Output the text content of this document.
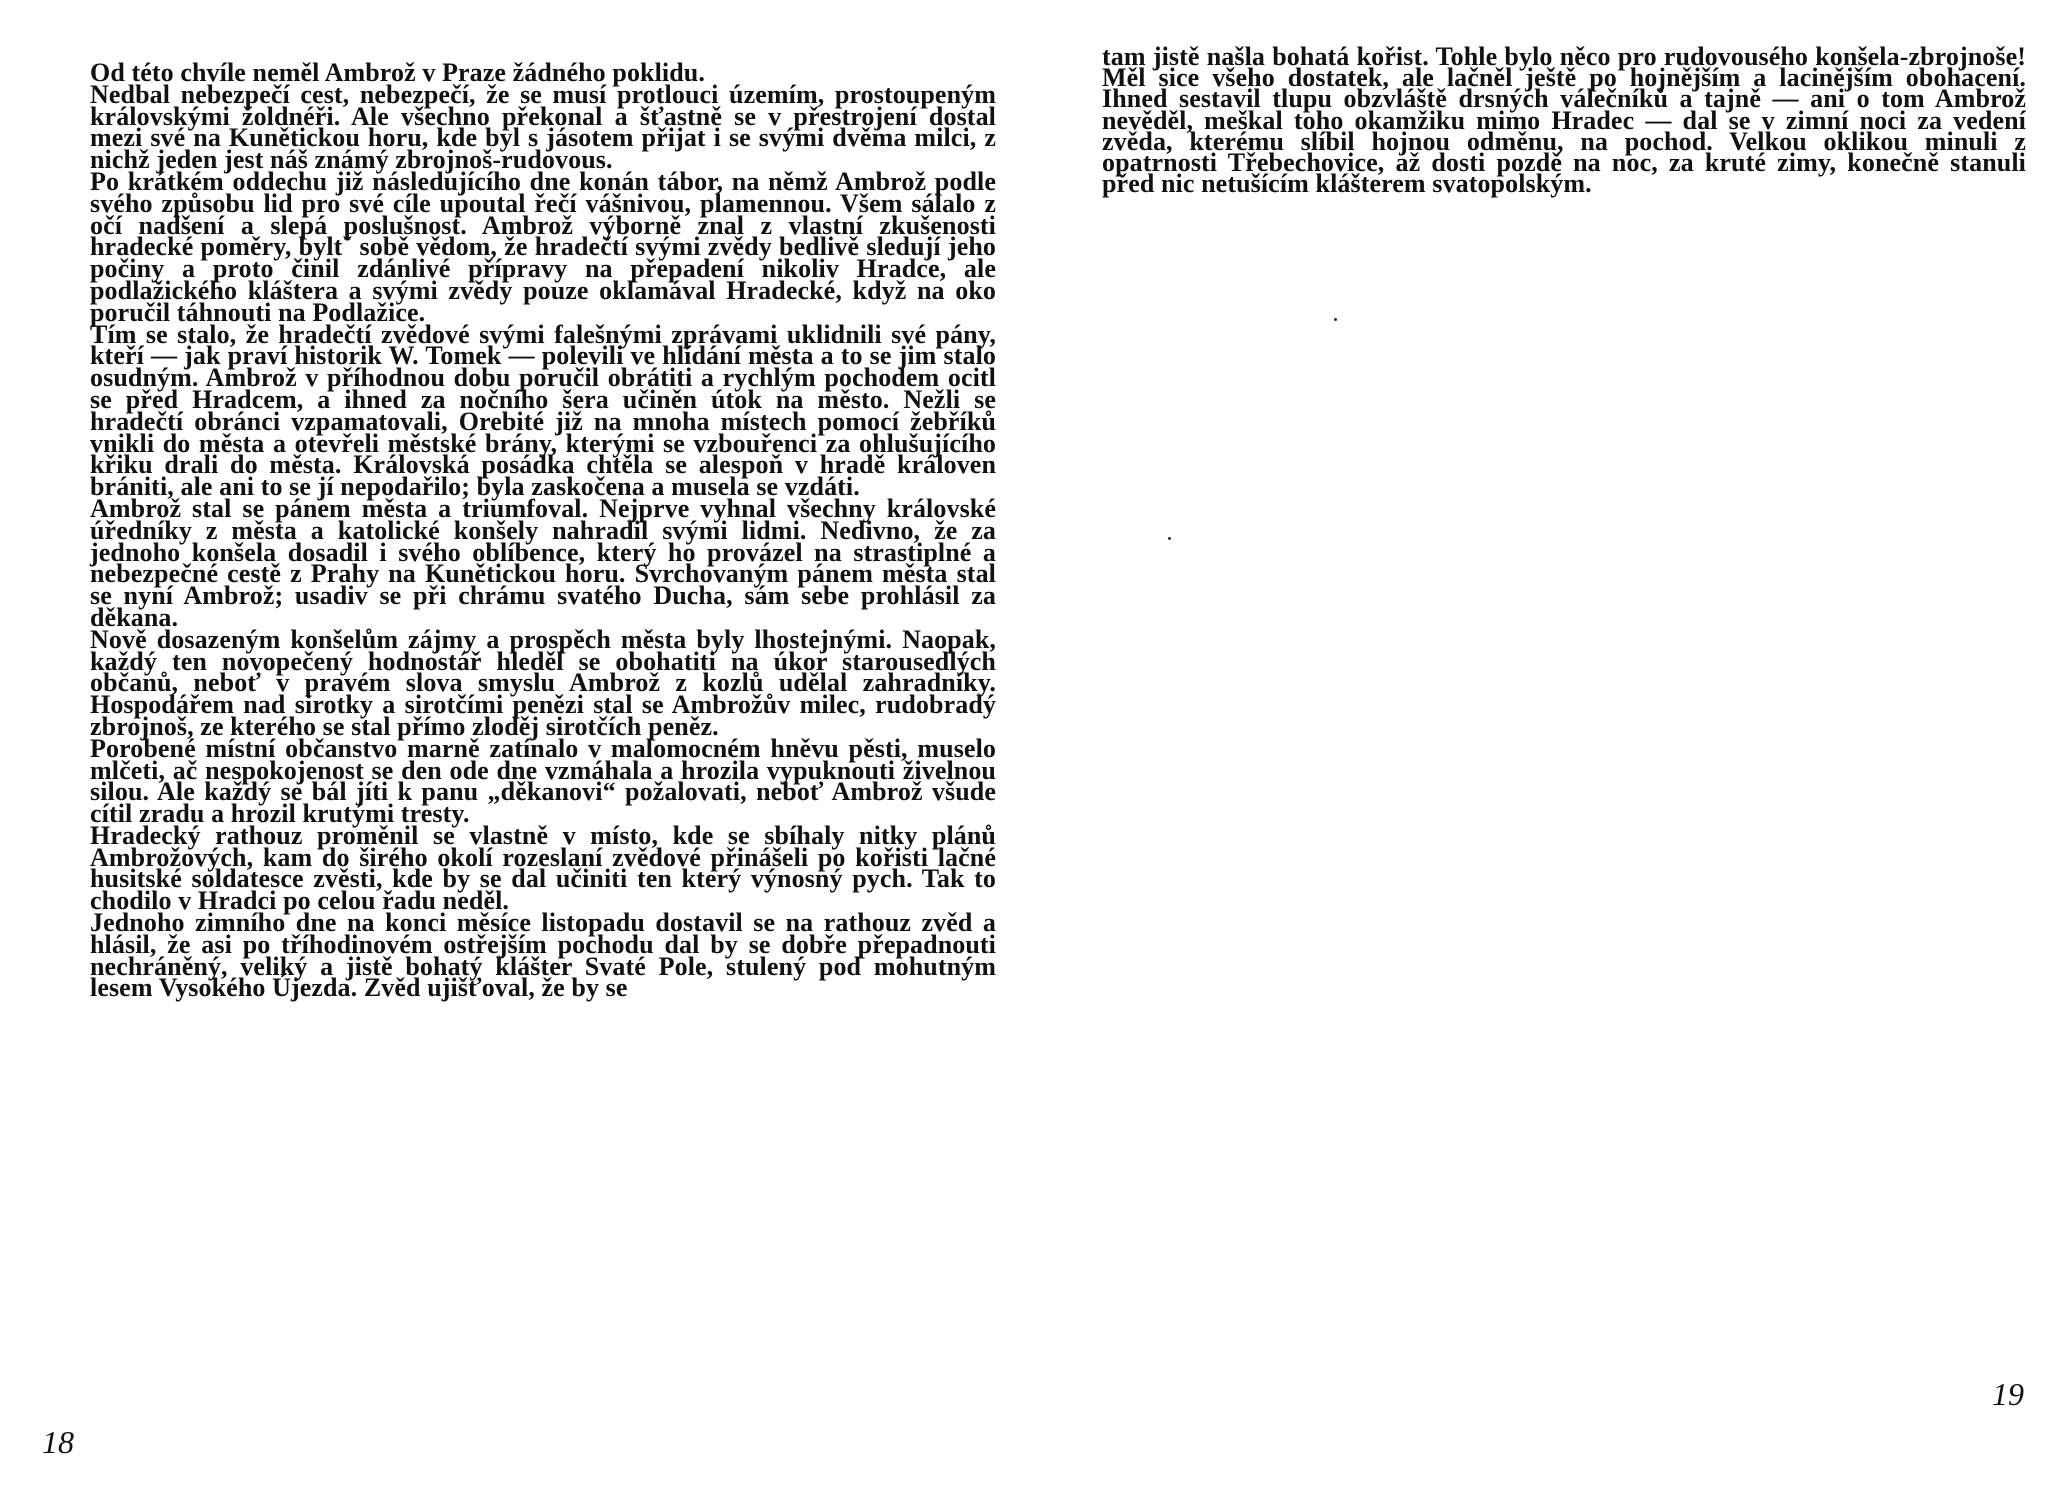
Od této chvíle neměl Ambrož v Praze žádného poklidu.

Nedbal nebezpečí cest, nebezpečí, že se musí protlouci územím, prostoupeným královskými žoldnéři. Ale všechno překonal a šťastně se v přestrojení dostal mezi své na Kunětickou horu, kde byl s jásotem přijat i se svými dvěma milci, z nichž jeden jest náš známý zbrojnoš-rudovous.

Po krátkém oddechu již následujícího dne konán tábor, na němž Ambrož podle svého způsobu lid pro své cíle upoutal řečí vášnivou, plamennou. Všem sálalo z očí nadšení a slepá poslušnost. Ambrož výborně znal z vlastní zkušenosti hradecké poměry, byltˇ sobě vědom, že hradečtí svými zvědy bedlivě sledují jeho počiny a proto činil zdánlivé přípravy na přepadení nikoliv Hradce, ale podlažického kláštera a svými zvědy pouze oklamával Hradecké, když na oko poručil táhnouti na Podlažice.

Tím se stalo, že hradečtí zvědové svými falešnými zprávami uklidnili své pány, kteří — jak praví historik W. Tomek — polevili ve hlídání města a to se jim stalo osudným. Ambrož v příhodnou dobu poručil obrátiti a rychlým pochodem ocitl se před Hradcem, a ihned za nočního šera učiněn útok na město. Nežli se hradečtí obránci vzpamatovali, Orebité již na mnoha místech pomocí žebříků vnikli do města a otevřeli městské brány, kterými se vzbouřenci za ohlušujícího křiku drali do města. Královská posádka chtěla se alespoň v hradě královen brániti, ale ani to se jí nepodařilo; byla zaskočena a musela se vzdáti.

Ambrož stal se pánem města a triumfoval. Nejprve vyhnal všechny královské úředníky z města a katolické konšely nahradil svými lidmi. Nedivno, že za jednoho konšela dosadil i svého oblíbence, který ho provázel na strastiplné a nebezpečné cestě z Prahy na Kunětickou horu. Svrchovaným pánem města stal se nyní Ambrož; usadiv se při chrámu svatého Ducha, sám sebe prohlásil za děkana.

Nově dosazeným konšelům zájmy a prospěch města byly lhostejnými. Naopak, každý ten novopečený hodnostář hleděl se obohatiti na úkor starousedlých občanů, neboť v pravém slova smyslu Ambrož z kozlů udělal zahradníky. Hospodářem nad sirotky a sirotčími penězi stal se Ambrožův milec, rudobradý zbrojnoš, ze kterého se stal přímo zloděj sirotčích peněz.

Porobené místní občanstvo marně zatínalo v malomocném hněvu pěsti, muselo mlčeti, ač nespokojenost se den ode dne vzmáhala a hrozila vypuknouti živelnou silou. Ale každý se bál jíti k panu „děkanovi“ požalovati, neboť Ambrož všude cítil zradu a hrozil krutými tresty.

Hradecký rathouz proměnil se vlastně v místo, kde se sbíhaly nitky plánů Ambrožových, kam do širého okolí rozeslaní zvědové přinášeli po kořisti lačné husitské soldatesce zvěsti, kde by se dal učiniti ten který výnosný pych. Tak to chodilo v Hradci po celou řadu neděl.

Jednoho zimního dne na konci měsíce listopadu dostavil se na rathouz zvěd a hlásil, že asi po tříhodinovém ostřejším pochodu dal by se dobře přepadnouti nechráněný, veliký a jistě bohatý klášter Svaté Pole, stulený pod mohutným lesem Vysokého Újezda. Zvěd ujišťoval, že by se

18

tam jistě našla bohatá kořist. Tohle bylo něco pro rudovousého konšela-zbrojnoše! Měl sice všeho dostatek, ale lačněl ještě po hojnějším a lacinějším obohacení. Ihned sestavil tlupu obzvláště drsných válečníků a tajně — ani o tom Ambrož nevěděl, meškal toho okamžiku mimo Hradec — dal se v zimní noci za vedení zvěda, kterému slíbil hojnou odměnu, na pochod. Velkou oklikou minuli z opatrnosti Třebechovice, až dosti pozdě na noc, za kruté zimy, konečně stanuli před nic netušícím klášterem svatopolským.

19
